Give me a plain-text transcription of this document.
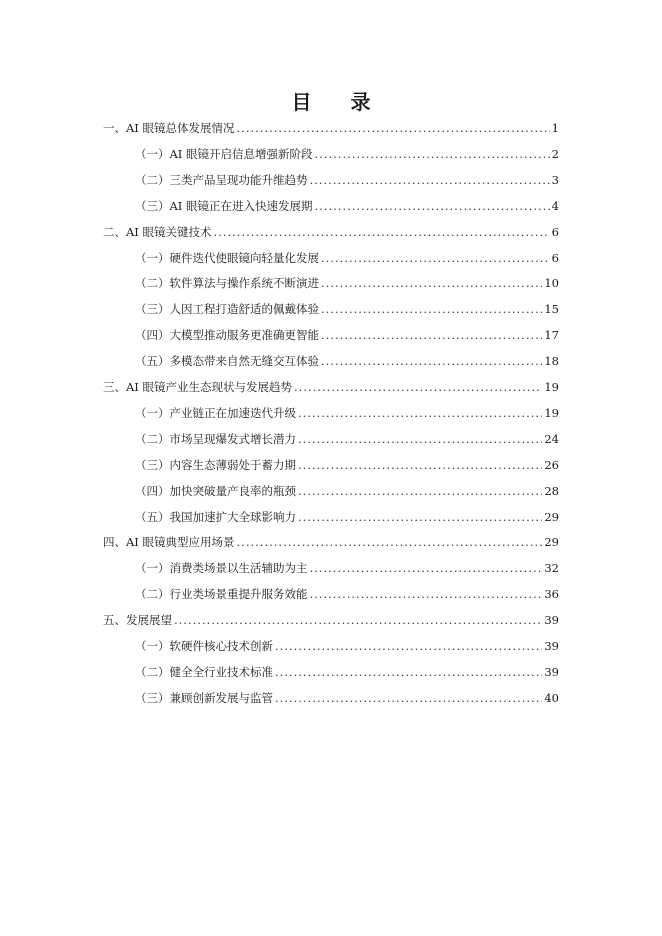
目 录
一、AI 眼镜总体发展情况 .....	1
（一）AI 眼镜开启信息增强新阶段 .....	2
（二）三类产品呈现功能升维趋势 .....	3
（三）AI 眼镜正在进入快速发展期 .....	4
二、AI 眼镜关键技术 .....	6
（一）硬件迭代使眼镜向轻量化发展 .....	6
（二）软件算法与操作系统不断演进 .....	10
（三）人因工程打造舒适的佩戴体验 .....	15
（四）大模型推动服务更准确更智能 .....	17
（五）多模态带来自然无缝交互体验 .....	18
三、AI 眼镜产业生态现状与发展趋势 .....	19
（一）产业链正在加速迭代升级 .....	19
（二）市场呈现爆发式增长潜力 .....	24
（三）内容生态薄弱处于蓄力期 .....	26
（四）加快突破量产良率的瓶颈 .....	28
（五）我国加速扩大全球影响力 .....	29
四、AI 眼镜典型应用场景 .....	29
（一）消费类场景以生活辅助为主 .....	32
（二）行业类场景重提升服务效能 .....	36
五、发展展望 .....	39
（一）软硬件核心技术创新 .....	39
（二）健全全行业技术标准 .....	39
（三）兼顾创新发展与监管 .....	40
